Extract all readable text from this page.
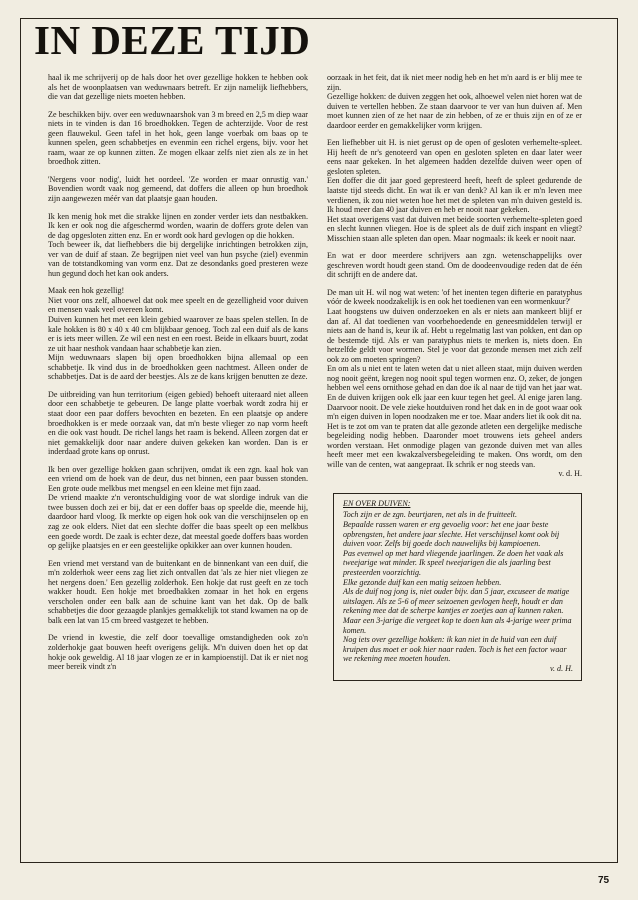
IN DEZE TIJD

haal ik me schrijverij op de hals door het over gezellige hokken te hebben ook als het de woonplaatsen van weduwnaars betreft. Er zijn namelijk liefhebbers, die van dat gezellige niets moeten hebben.

Ze beschikken bijv. over een weduwnaarshok van 3 m breed en 2,5 m diep waar niets in te vinden is dan 16 broedhokken. Tegen de achterzijde. Voor de rest geen flauwekul. Geen tafel in het hok, geen lange voerbak om baas op te kunnen spelen, geen schabbetjes en evenmin een richel ergens, bijv. voor het raam, waar ze op kunnen zitten. Ze mogen elkaar zelfs niet zien als ze in het broedhok zitten.

'Nergens voor nodig', luidt het oordeel. 'Ze worden er maar onrustig van.' Bovendien wordt vaak nog gemeend, dat doffers die alleen op hun broedhok zijn aangewezen méér van dat plaatsje gaan houden.

Ik ken menig hok met die strakke lijnen en zonder verder iets dan nestbakken. Ik ken er ook nog die afgeschermd worden, waarin de doffers grote delen van de dag opgesloten zitten enz. En er wordt ook hard gevlogen op die hokken.

Toch beweer ik, dat liefhebbers die bij dergelijke inrichtingen betrokken zijn, ver van de duif af staan. Ze begrijpen niet veel van hun psyche (ziel) evenmin van de totstandkoming van vorm enz. Dat ze desondanks goed presteren weze hun gegund doch het kan ook anders.

Maak een hok gezellig!

Niet voor ons zelf, alhoewel dat ook mee speelt en de gezelligheid voor duiven en mensen vaak veel overeen komt.

Duiven kunnen het met een klein gebied waarover ze baas spelen stellen. In de kale hokken is 80 x 40 x 40 cm blijkbaar genoeg. Toch zal een duif als de kans er is iets meer willen. Ze wil een nest en een roest. Beide in elkaars buurt, zodat ze uit haar nesthok vandaan haar schabbetje kan zien.

Mijn weduwnaars slapen bij open broedhokken bijna allemaal op een schabbetje. Ik vind dus in de broedhokken geen nachtmest. Alleen onder de schabbetjes. Dat is de aard der beestjes. Als ze de kans krijgen benutten ze deze.

De uitbreiding van hun territorium (eigen gebied) behoeft uiteraard niet alleen door een schabbetje te gebeuren. De lange platte voerbak wordt zodra hij er staat door een paar doffers bevochten en bezeten. En een plaatsje op andere broedhokken is er mede oorzaak van, dat m'n beste vlieger zo nap vorm heeft en die ook vast houdt. De richel langs het raam is bekend. Alleen zorgen dat er niet gemakkelijk door naar andere duiven gekeken kan worden. Dan is er inderdaad grote kans op onrust.

Ik ben over gezellige hokken gaan schrijven, omdat ik een zgn. kaal hok van een vriend om de hoek van de deur, dus net binnen, een paar bussen stonden. Een grote oude melkbus met mengsel en een kleine met fijn zaad.

De vriend maakte z'n verontschuldiging voor de wat slordige indruk van die twee bussen doch zei er bij, dat er een doffer baas op speelde die, meende hij, daardoor hard vloog. Ik merkte op eigen hok ook van die verschijnselen op en zag ze ook elders. Niet dat een slechte doffer die baas speelt op een melkbus een goede wordt. De zaak is echter deze, dat meestal goede doffers baas worden op gelijke plaatsjes en er een geestelijke opkikker aan over kunnen houden.

Een vriend met verstand van de buitenkant en de binnenkant van een duif, die m'n zolderhok weer eens zag liet zich ontvallen dat 'als ze hier niet vliegen ze het nergens doen.' Een gezellig zolderhok. Een hokje dat rust geeft en ze toch wakker houdt. Een hokje met broedbakken zomaar in het hok en ergens verscholen onder een balk aan de schuine kant van het dak. Op de balk schabbetjes die door gezaagde plankjes gemakkelijk tot stand kwamen na op de balk een lat van 15 cm breed vastgezet te hebben.

De vriend in kwestie, die zelf door toevallige omstandigheden ook zo'n zolderhokje gaat bouwen heeft overigens gelijk. M'n duiven doen het op dat hokje ook geweldig. Al 18 jaar vlogen ze er in kampioenstijl. Dat ik er niet nog meer bereik vindt z'n

oorzaak in het feit, dat ik niet meer nodig heb en het m'n aard is er blij mee te zijn.

Gezellige hokken: de duiven zeggen het ook, alhoewel velen niet horen wat de duiven te vertellen hebben. Ze staan daarvoor te ver van hun duiven af. Men moet kunnen zien of ze het naar de zin hebben, of ze er thuis zijn en of ze er daardoor eerder en gemakkelijker vorm krijgen.

Een liefhebber uit H. is niet gerust op de open of gesloten verhemelte-spleet. Hij heeft de nr's genoteerd van open en gesloten spleten en daar later weer eens naar gekeken. In het algemeen hadden dezelfde duiven weer open of gesloten spleten.

Een doffer die dit jaar goed gepresteerd heeft, heeft de spleet gedurende de laatste tijd steeds dicht. En wat ik er van denk? Al kan ik er m'n leven mee verdienen, ik zou niet weten hoe het met de spleten van m'n duiven gesteld is. Ik houd meer dan 40 jaar duiven en heb er nooit naar gekeken.

Het staat overigens vast dat duiven met beide soorten verhemelte-spleten goed en slecht kunnen vliegen. Hoe is de spleet als de duif zich inspant en vliegt? Misschien staan alle spleten dan open. Maar nogmaals: ik keek er nooit naar.

En wat er door meerdere schrijvers aan zgn. wetenschappelijks over geschreven wordt houdt geen stand. Om de doodeenvoudige reden dat de één dit schrijft en de andere dat.

De man uit H. wil nog wat weten: 'of het inenten tegen difterie en paratyphus vóór de kweek noodzakelijk is en ook het toedienen van een wormenkuur?'

Laat hoogstens uw duiven onderzoeken en als er niets aan mankeert blijf er dan af. Al dat toedienen van voorbehoedende en geneesmiddelen terwijl er niets aan de hand is, keur ik af. Hebt u regelmatig last van pokken, ent dan op de bestemde tijd. Als er van paratyphus niets te merken is, niets doen. En hetzelfde geldt voor wormen. Stel je voor dat gezonde mensen met zich zelf ook zo om moeten springen?

En om als u niet ent te laten weten dat u niet alleen staat, mijn duiven werden nog nooit geënt, kregen nog nooit spul tegen wormen enz. O, zeker, de jongen hebben wel eens ornithose gehad en dan doe ik al naar de tijd van het jaar wat. En de duiven krijgen ook elk jaar een kuur tegen het geel. Al enige jaren lang. Daarvoor nooit. De vele zieke houtduiven rond het dak en in de goot waar ook m'n eigen duiven in lopen noodzaken me er toe. Maar anders liet ik ook dit na.

Het is te zot om van te praten dat alle gezonde atleten een dergelijke medische begeleiding nodig hebben. Daaronder moet trouwens iets geheel anders worden verstaan. Het onmodige plagen van gezonde duiven met van alles heeft meer met een kwakzalversbegeleiding te maken. Ons wordt, om den wille van de centen, wat aangepraat. Ik schrik er nog steeds van.

v. d. H.

EN OVER DUIVEN:

Toch zijn er de zgn. beurtjaren, net als in de fruitteelt.

Bepaalde rassen waren er erg gevoelig voor: het ene jaar beste opbrengsten, het andere jaar slechte. Het verschijnsel komt ook bij duiven voor. Zelfs bij goede doch nauwelijks bij kampioenen.

Pas evenwel op met hard vliegende jaarlingen. Ze doen het vaak als tweejarige wat minder. Ik speel tweejarigen die als jaarling best presteerden voorzichtig.

Elke gezonde duif kan een matig seizoen hebben.

Als de duif nog jong is, niet ouder bijv. dan 5 jaar, excuseer de matige uitslagen. Als ze 5-6 of meer seizoenen gevlogen heeft, houdt er dan rekening mee dat de scherpe kantjes er zoetjes aan af kunnen raken.

Maar een 3-jarige die vergeet kop te doen kan als 4-jarige weer prima komen.

Nog iets over gezellige hokken: ik kan niet in de huid van een duif kruipen dus moet er ook hier naar raden. Toch is het een factor waar we rekening mee moeten houden.

v. d. H.

75
